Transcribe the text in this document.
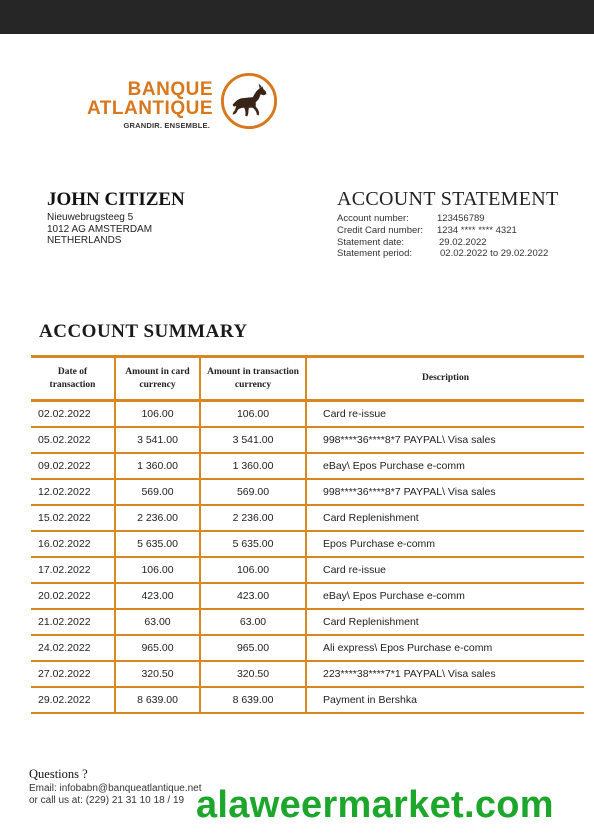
BANQUE
ATLANTIQUE
GRANDIR. ENSEMBLE.
JOHN CITIZEN
Nieuwebrugsteeg 5
1012 AG AMSTERDAM
NETHERLANDS
ACCOUNT STATEMENT
Account number:	123456789
Credit Card number: 1234 **** **** 4321
Statement date:	29.02.2022
Statement period:	02.02.2022 to 29.02.2022
ACCOUNT SUMMARY
Date of transaction	Amount in card currency	Amount in transaction currency	Description
02.02.2022	106.00	106.00	Card re-issue
05.02.2022	3 541.00	3 541.00	998****36****8*7 PAYPAL\ Visa sales
09.02.2022	1 360.00	1 360.00	eBay\ Epos Purchase e-comm
12.02.2022	569.00	569.00	998****36****8*7 PAYPAL\ Visa sales
15.02.2022	2 236.00	2 236.00	Card Replenishment
16.02.2022	5 635.00	5 635.00	Epos Purchase e-comm
17.02.2022	106.00	106.00	Card re-issue
20.02.2022	423.00	423.00	eBay\ Epos Purchase e-comm
21.02.2022	63.00	63.00	Card Replenishment
24.02.2022	965.00	965.00	Ali express\ Epos Purchase e-comm
27.02.2022	320.50	320.50	223****38****7*1 PAYPAL\ Visa sales
29.02.2022	8 639.00	8 639.00	Payment in Bershka
Questions ?
Email: infobabn@banqueatlantique.net
or call us at: (229) 21 31 10 18 / 19 alaweermarket.com
